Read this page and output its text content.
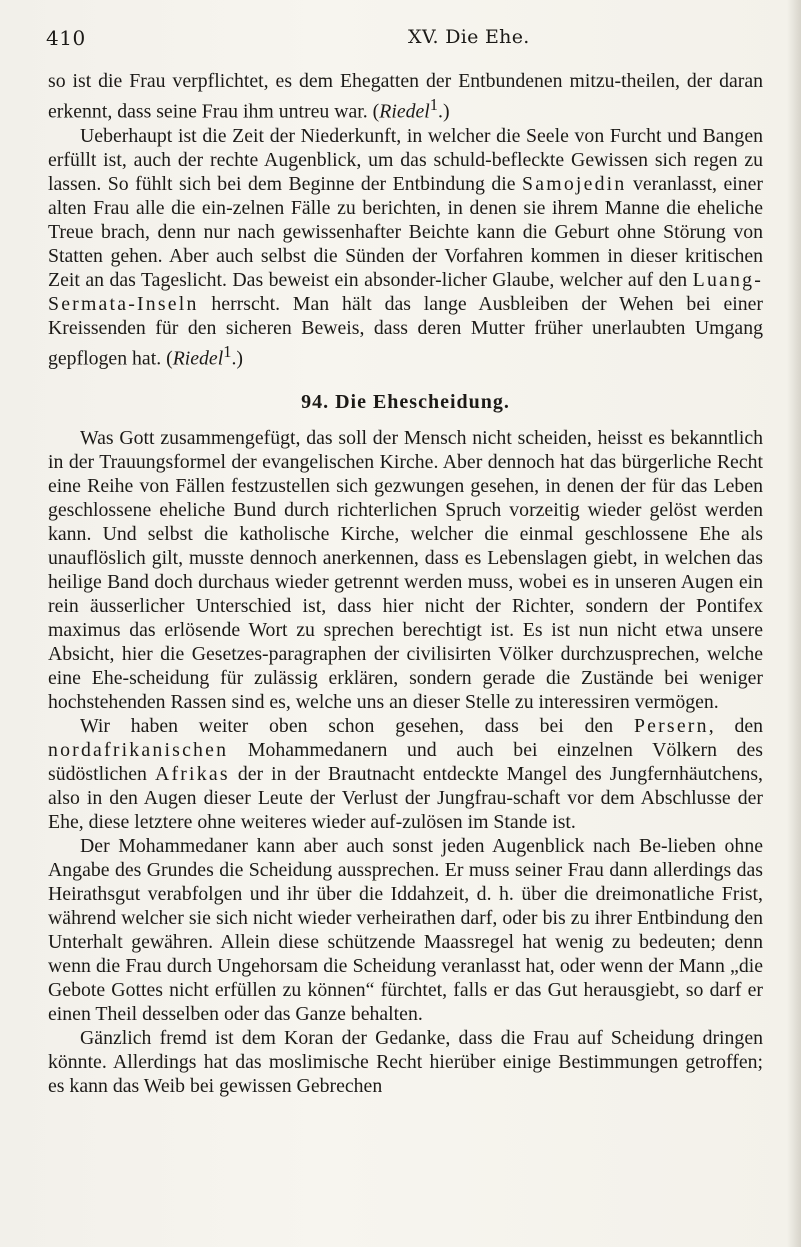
410	XV. Die Ehe.

so ist die Frau verpflichtet, es dem Ehegatten der Entbundenen mitzu-theilen, der daran erkennt, dass seine Frau ihm untreu war. (Riedel$^1$.)

Ueberhaupt ist die Zeit der Niederkunft, in welcher die Seele von Furcht und Bangen erfüllt ist, auch der rechte Augenblick, um das schuld-befleckte Gewissen sich regen zu lassen. So fühlt sich bei dem Beginne der Entbindung die Samojedin veranlasst, einer alten Frau alle die ein-zelnen Fälle zu berichten, in denen sie ihrem Manne die eheliche Treue brach, denn nur nach gewissenhafter Beichte kann die Geburt ohne Störung von Statten gehen. Aber auch selbst die Sünden der Vorfahren kommen in dieser kritischen Zeit an das Tageslicht. Das beweist ein absonder-licher Glaube, welcher auf den Luang-Sermata-Inseln herrscht. Man hält das lange Ausbleiben der Wehen bei einer Kreissenden für den sicheren Beweis, dass deren Mutter früher unerlaubten Umgang gepflogen hat. (Riedel$^1$.)

94. Die Ehescheidung.

Was Gott zusammengefügt, das soll der Mensch nicht scheiden, heisst es bekanntlich in der Trauungsformel der evangelischen Kirche. Aber dennoch hat das bürgerliche Recht eine Reihe von Fällen festzustellen sich gezwungen gesehen, in denen der für das Leben geschlossene eheliche Bund durch richterlichen Spruch vorzeitig wieder gelöst werden kann. Und selbst die katholische Kirche, welcher die einmal geschlossene Ehe als unauflöslich gilt, musste dennoch anerkennen, dass es Lebenslagen giebt, in welchen das heilige Band doch durchaus wieder getrennt werden muss, wobei es in unseren Augen ein rein äusserlicher Unterschied ist, dass hier nicht der Richter, sondern der Pontifex maximus das erlösende Wort zu sprechen berechtigt ist. Es ist nun nicht etwa unsere Absicht, hier die Gesetzes-paragraphen der civilisirten Völker durchzusprechen, welche eine Ehe-scheidung für zulässig erklären, sondern gerade die Zustände bei weniger hochstehenden Rassen sind es, welche uns an dieser Stelle zu interessiren vermögen.

Wir haben weiter oben schon gesehen, dass bei den Persern, den nordafrikanischen Mohammedanern und auch bei einzelnen Völkern des südöstlichen Afrikas der in der Brautnacht entdeckte Mangel des Jungfernhäutchens, also in den Augen dieser Leute der Verlust der Jungfrau-schaft vor dem Abschlusse der Ehe, diese letztere ohne weiteres wieder auf-zulösen im Stande ist.

Der Mohammedaner kann aber auch sonst jeden Augenblick nach Be-lieben ohne Angabe des Grundes die Scheidung aussprechen. Er muss seiner Frau dann allerdings das Heirathsgut verabfolgen und ihr über die Iddahzeit, d. h. über die dreimonatliche Frist, während welcher sie sich nicht wieder verheirathen darf, oder bis zu ihrer Entbindung den Unterhalt gewähren. Allein diese schützende Maassregel hat wenig zu bedeuten; denn wenn die Frau durch Ungehorsam die Scheidung veranlasst hat, oder wenn der Mann „die Gebote Gottes nicht erfüllen zu können“ fürchtet, falls er das Gut herausgiebt, so darf er einen Theil desselben oder das Ganze behalten.

Gänzlich fremd ist dem Koran der Gedanke, dass die Frau auf Scheidung dringen könnte. Allerdings hat das moslimische Recht hierüber einige Bestimmungen getroffen; es kann das Weib bei gewissen Gebrechen
